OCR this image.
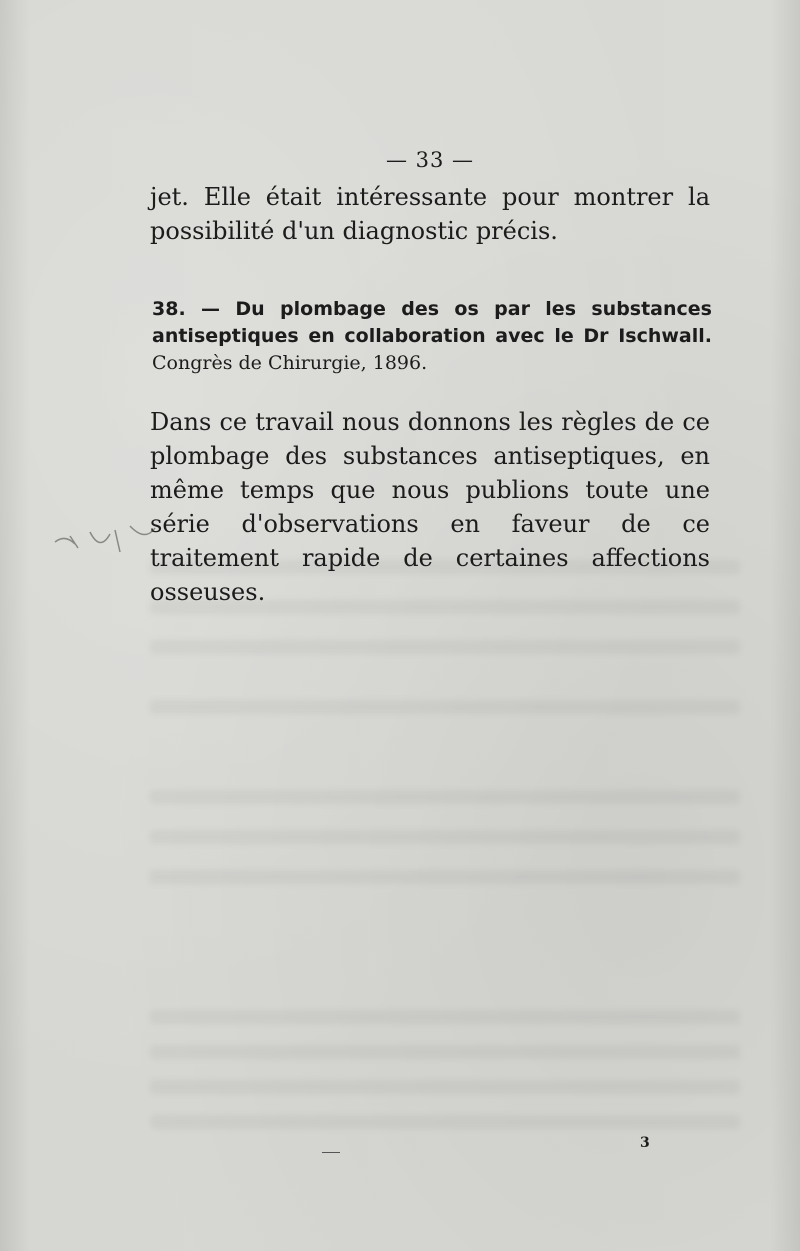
— 33 —

jet. Elle était intéressante pour montrer la possibilité d'un diagnostic précis.

38. — Du plombage des os par les substances antiseptiques en collaboration avec le Dr Ischwall. Congrès de Chirurgie, 1896.

Dans ce travail nous donnons les règles de ce plombage des substances antiseptiques, en même temps que nous publions toute une série d'observations en faveur de ce traitement rapide de certaines affections osseuses.

3
